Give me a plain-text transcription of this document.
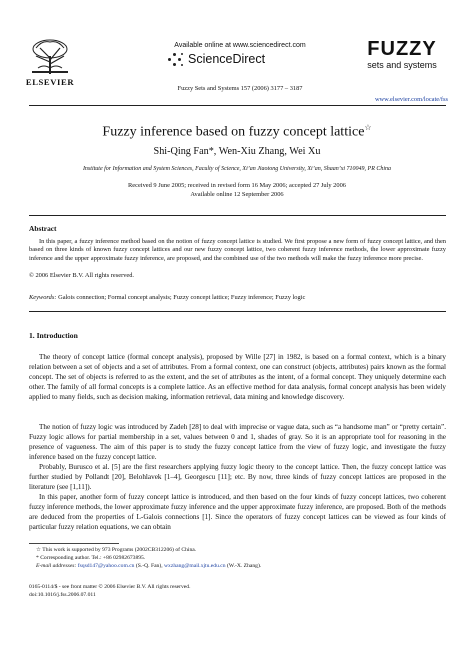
ELSEVIER
Available online at www.sciencedirect.com
ScienceDirect
Fuzzy Sets and Systems 157 (2006) 3177 – 3187
FUZZY
sets and systems
www.elsevier.com/locate/fss
Fuzzy inference based on fuzzy concept lattice☆
Shi-Qing Fan*, Wen-Xiu Zhang, Wei Xu
Institute for Information and System Sciences, Faculty of Science, Xi’an Jiaotong University, Xi’an, Shaan’xi 710049, PR China
Received 9 June 2005; received in revised form 16 May 2006; accepted 27 July 2006
Available online 12 September 2006
Abstract
In this paper, a fuzzy inference method based on the notion of fuzzy concept lattice is studied. We first propose a new form of fuzzy concept lattice, and then based on three kinds of known fuzzy concept lattices and our new fuzzy concept lattice, two coherent fuzzy inference methods, the lower approximate fuzzy inference and the upper approximate fuzzy inference, are proposed, and the combined use of the two methods will make the fuzzy inference more precise.
© 2006 Elsevier B.V. All rights reserved.
Keywords: Galois connection; Formal concept analysis; Fuzzy concept lattice; Fuzzy inference; Fuzzy logic
1. Introduction
The theory of concept lattice (formal concept analysis), proposed by Wille [27] in 1982, is based on a formal context, which is a binary relation between a set of objects and a set of attributes. From a formal context, one can construct (objects, attributes) pairs known as the formal concept. The set of objects is referred to as the extent, and the set of attributes as the intent, of a formal concept. They uniquely determine each other. The family of all formal concepts is a complete lattice. As an effective method for data analysis, formal concept analysis has been widely applied to many fields, such as decision making, information retrieval, data mining and knowledge discovery.
The notion of fuzzy logic was introduced by Zadeh [28] to deal with imprecise or vague data, such as “a handsome man” or “pretty certain”. Fuzzy logic allows for partial membership in a set, values between 0 and 1, shades of gray. So it is an appropriate tool for reasoning in the presence of vagueness. The aim of this paper is to study the fuzzy concept lattice from the view of fuzzy logic, and investigate the fuzzy inference based on the fuzzy concept lattice.
Probably, Burusco et al. [5] are the first researchers applying fuzzy logic theory to the concept lattice. Then, the fuzzy concept lattice was further studied by Pollandt [20], Belohlavek [1–4], Georgescu [11]; etc. By now, three kinds of fuzzy concept lattices are proposed in the literature (see [1,11]).
In this paper, another form of fuzzy concept lattice is introduced, and then based on the four kinds of fuzzy concept lattices, two coherent fuzzy inference methods, the lower approximate fuzzy inference and the upper approximate fuzzy inference, are proposed. Both of the methods are deduced from the properties of L-Galois connections [1]. Since the operators of fuzzy concept lattices can be viewed as four kinds of particular fuzzy relation equations, we can obtain
☆ This work is supported by 973 Programs (2002CB312206) of China.
* Corresponding author. Tel.: +86 02982673895.
E-mail addresses: fsqsd147@yahoo.com.cn (S.-Q. Fan), wxzhang@mail.xjtu.edu.cn (W.-X. Zhang).
0165-0114/$ - see front matter © 2006 Elsevier B.V. All rights reserved.
doi:10.1016/j.fss.2006.07.011
